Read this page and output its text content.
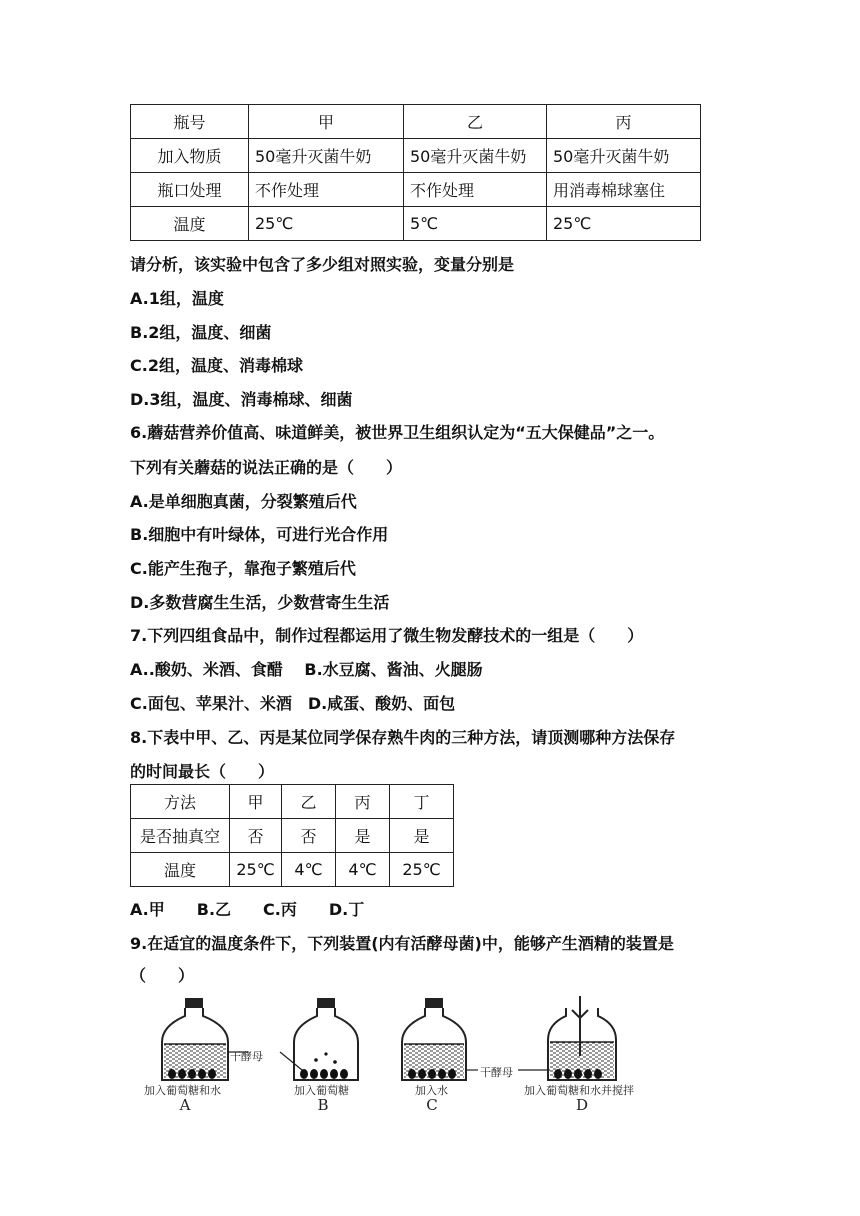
瓶号	甲	乙	丙
加入物质	50毫升灭菌牛奶	50毫升灭菌牛奶	50毫升灭菌牛奶
瓶口处理	不作处理	不作处理	用消毒棉球塞住
温度	25℃	5℃	25℃
请分析，该实验中包含了多少组对照实验，变量分别是
A.1组，温度
B.2组，温度、细菌
C.2组，温度、消毒棉球
D.3组，温度、消毒棉球、细菌
6.蘑菇营养价值高、味道鲜美，被世界卫生组织认定为“五大保健品”之一。
下列有关蘑菇的说法正确的是（　　）
A.是单细胞真菌，分裂繁殖后代
B.细胞中有叶绿体，可进行光合作用
C.能产生孢子，靠孢子繁殖后代
D.多数营腐生生活，少数营寄生生活
7.下列四组食品中，制作过程都运用了微生物发酵技术的一组是（　　）
A..酸奶、米酒、食醋　 B.水豆腐、酱油、火腿肠
C.面包、苹果汁、米酒　D.咸蛋、酸奶、面包
8.下表中甲、乙、丙是某位同学保存熟牛肉的三种方法，请顶测哪种方法保存
的时间最长（　　）
方法	甲	乙	丙	丁
是否抽真空	否	否	是	是
温度	25℃	4℃	4℃	25℃
A.甲　　B.乙　　C.丙　　D.丁
9.在适宜的温度条件下，下列装置(内有活酵母菌)中，能够产生酒精的装置是
（　　）
干酵母
干酵母
加入葡萄糖和水	加入葡萄糖	加入水	加入葡萄糖和水并搅拌
A	B	C	D
